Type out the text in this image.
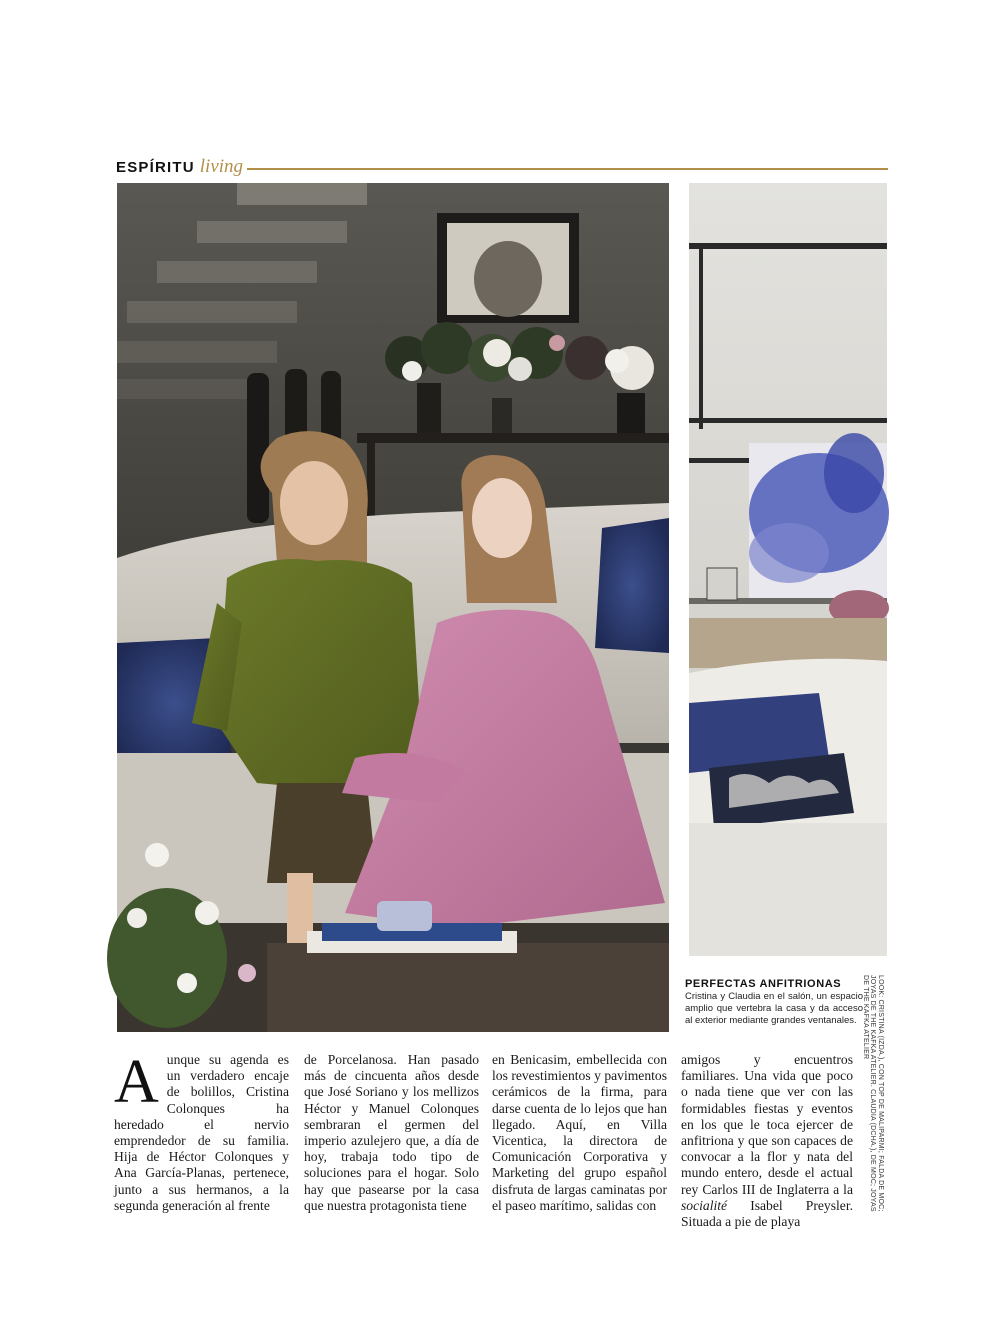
ESPÍRITU living
PERFECTAS ANFITRIONAS
Cristina y Claudia en el salón, un espacio amplio que vertebra la casa y da acceso al exterior mediante grandes ventanales.	LOOK: CRISTINA (IZDA.), CON TOP DE MALIPARMI; FALDA DE MOC; JOYAS DE THE KAFKA ATELIER. CLAUDIA (DCHA.), DE MOC; JOYAS DE THE KAFKA ATELIER
A unque su agenda es un verdadero encaje de bolillos, Cristina Colonques ha heredado el nervio emprendedor de su familia. Hija de Héctor Colonques y Ana García-Planas, pertenece, junto a sus hermanos, a la segunda generación al frente

de Porcelanosa. Han pasado más de cincuenta años desde que José Soriano y los mellizos Héctor y Manuel Colonques sembraran el germen del imperio azulejero que, a día de hoy, trabaja todo tipo de soluciones para el hogar. Solo hay que pasearse por la casa que nuestra protagonista tiene

en Benicasim, embellecida con los revestimientos y pavimentos cerámicos de la firma, para darse cuenta de lo lejos que han llegado. Aquí, en Villa Vicentica, la directora de Comunicación Corporativa y Marketing del grupo español disfruta de largas caminatas por el paseo marítimo, salidas con

amigos y encuentros familiares. Una vida que poco o nada tiene que ver con las formidables fiestas y eventos en los que le toca ejercer de anfitriona y que son capaces de convocar a la flor y nata del mundo entero, desde el actual rey Carlos III de Inglaterra a la socialité Isabel Preysler. Situada a pie de playa
